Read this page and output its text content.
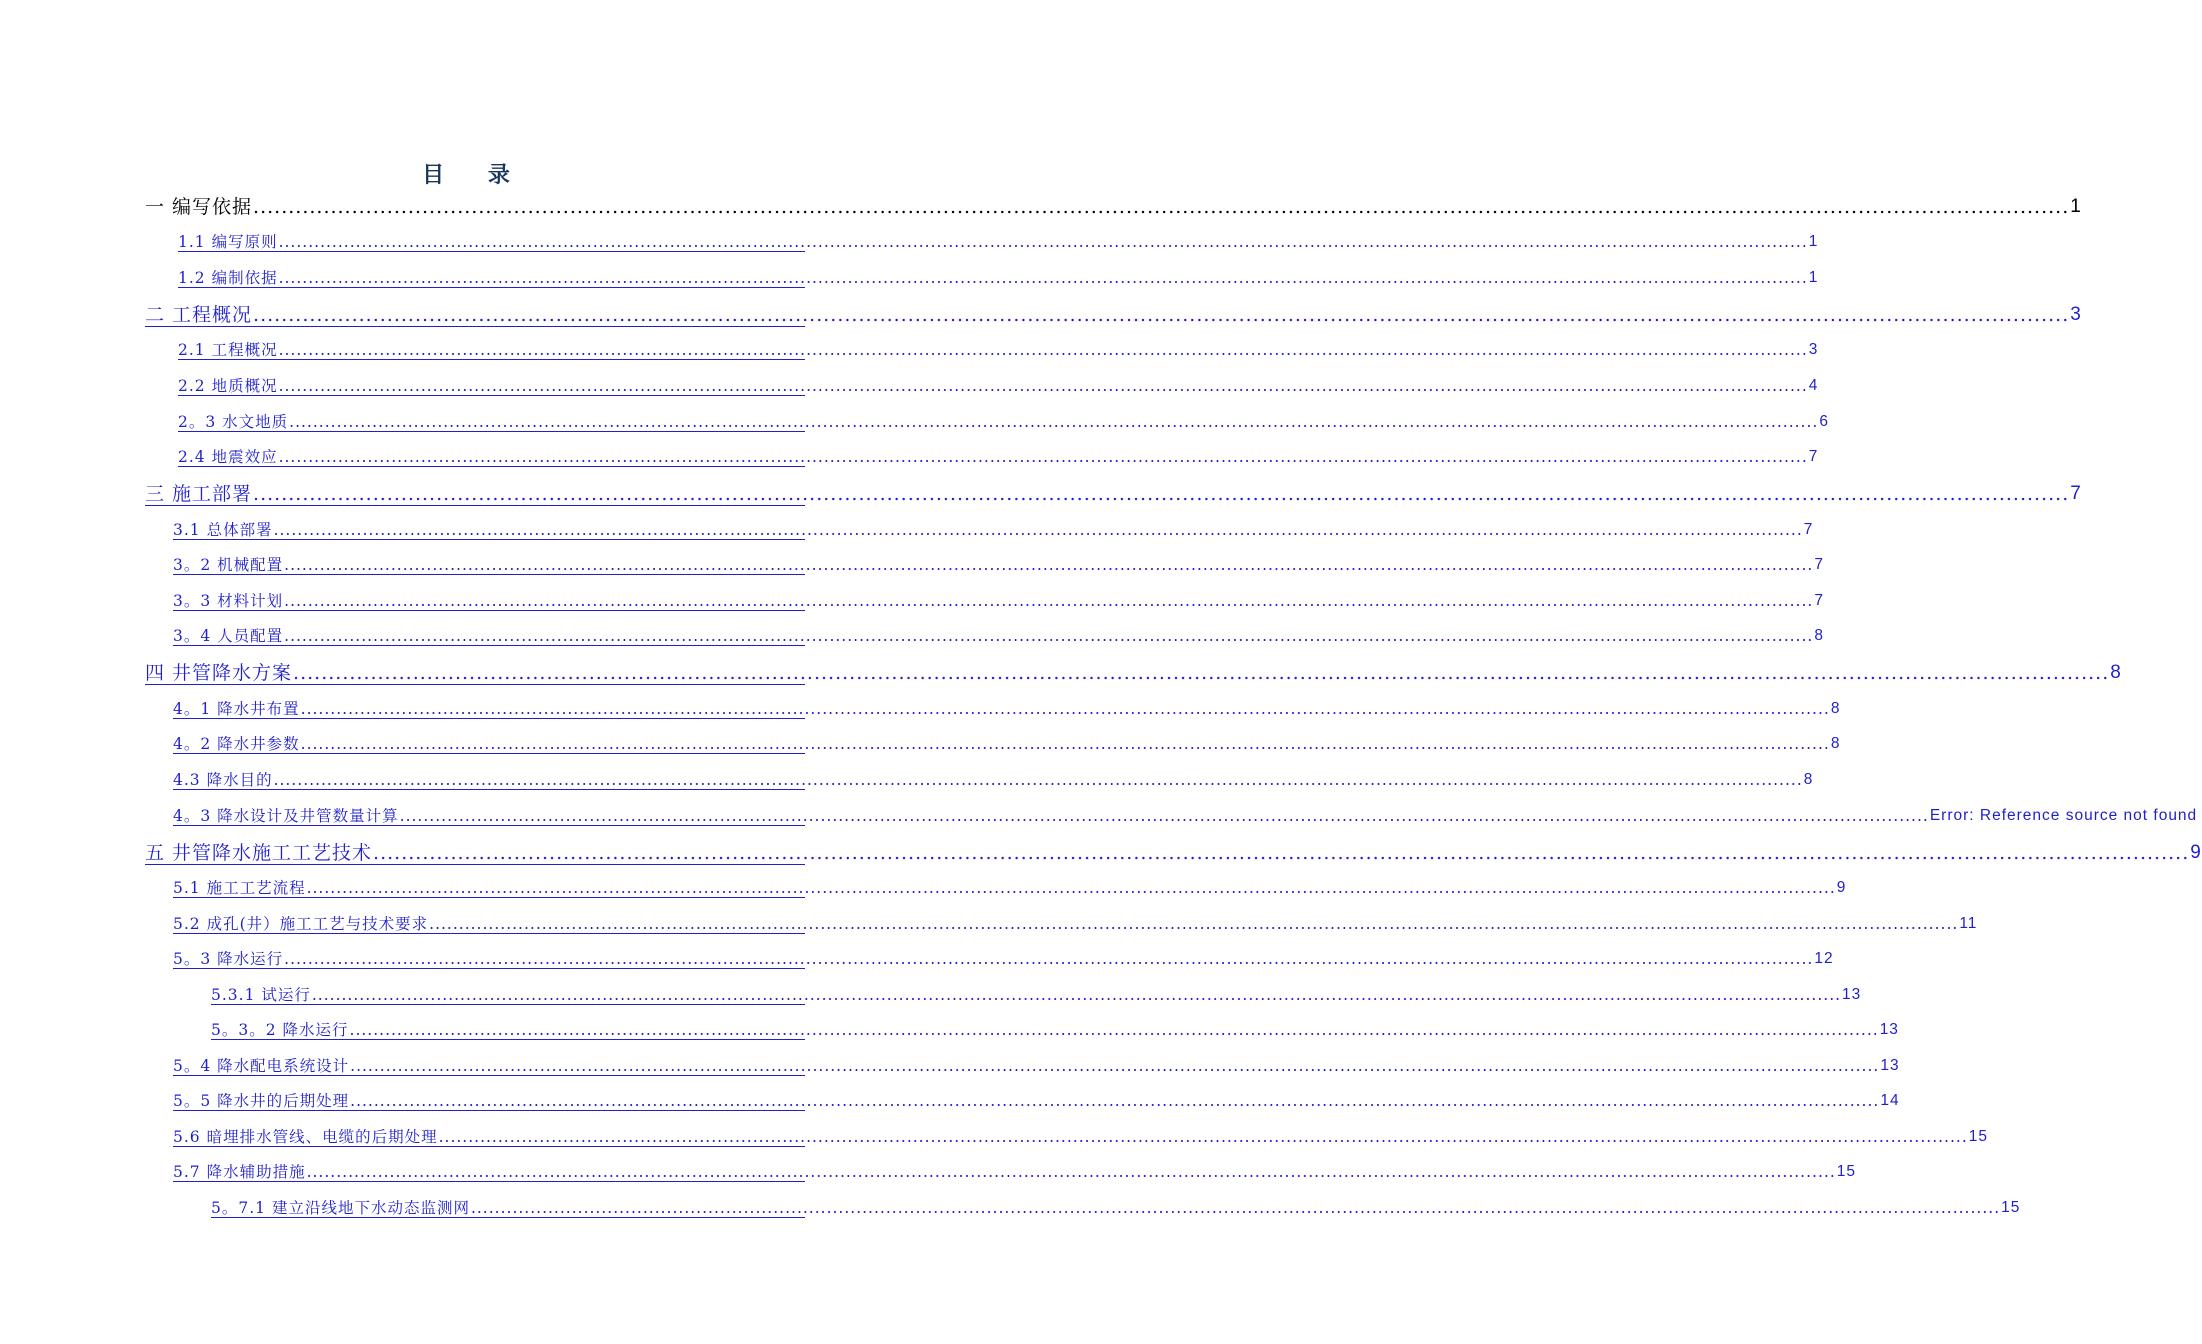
目 录
一 编写依据 .................................................................................................................................................................................................................................................................. 1
1.1 编写原则 .................................................................................................................................................................................................................................................................. 1
1.2 编制依据 .................................................................................................................................................................................................................................................................. 1
二 工程概况 .................................................................................................................................................................................................................................................................. 3
2.1 工程概况 .................................................................................................................................................................................................................................................................. 3
2.2 地质概况 .................................................................................................................................................................................................................................................................. 4
2。3 水文地质 .................................................................................................................................................................................................................................................................. 6
2.4 地震效应 .................................................................................................................................................................................................................................................................. 7
三 施工部署 .................................................................................................................................................................................................................................................................. 7
3.1 总体部署 .................................................................................................................................................................................................................................................................. 7
3。2 机械配置 .................................................................................................................................................................................................................................................................. 7
3。3 材料计划 .................................................................................................................................................................................................................................................................. 7
3。4 人员配置 .................................................................................................................................................................................................................................................................. 8
四 井管降水方案 .................................................................................................................................................................................................................................................................. 8
4。1 降水井布置 .................................................................................................................................................................................................................................................................. 8
4。2 降水井参数 .................................................................................................................................................................................................................................................................. 8
4.3 降水目的 .................................................................................................................................................................................................................................................................. 8
4。3 降水设计及井管数量计算 .................................................................................................................................................................................................................................................................. Error: Reference source not found
五 井管降水施工工艺技术 .................................................................................................................................................................................................................................................................. 9
5.1 施工工艺流程 .................................................................................................................................................................................................................................................................. 9
5.2 成孔(井）施工工艺与技术要求 .................................................................................................................................................................................................................................................................. 11
5。3 降水运行 .................................................................................................................................................................................................................................................................. 12
5.3.1 试运行 .................................................................................................................................................................................................................................................................. 13
5。3。2 降水运行 .................................................................................................................................................................................................................................................................. 13
5。4 降水配电系统设计 .................................................................................................................................................................................................................................................................. 13
5。5 降水井的后期处理 .................................................................................................................................................................................................................................................................. 14
5.6 暗埋排水管线、电缆的后期处理 .................................................................................................................................................................................................................................................................. 15
5.7 降水辅助措施 .................................................................................................................................................................................................................................................................. 15
5。7.1 建立沿线地下水动态监测网 .................................................................................................................................................................................................................................................................. 15
